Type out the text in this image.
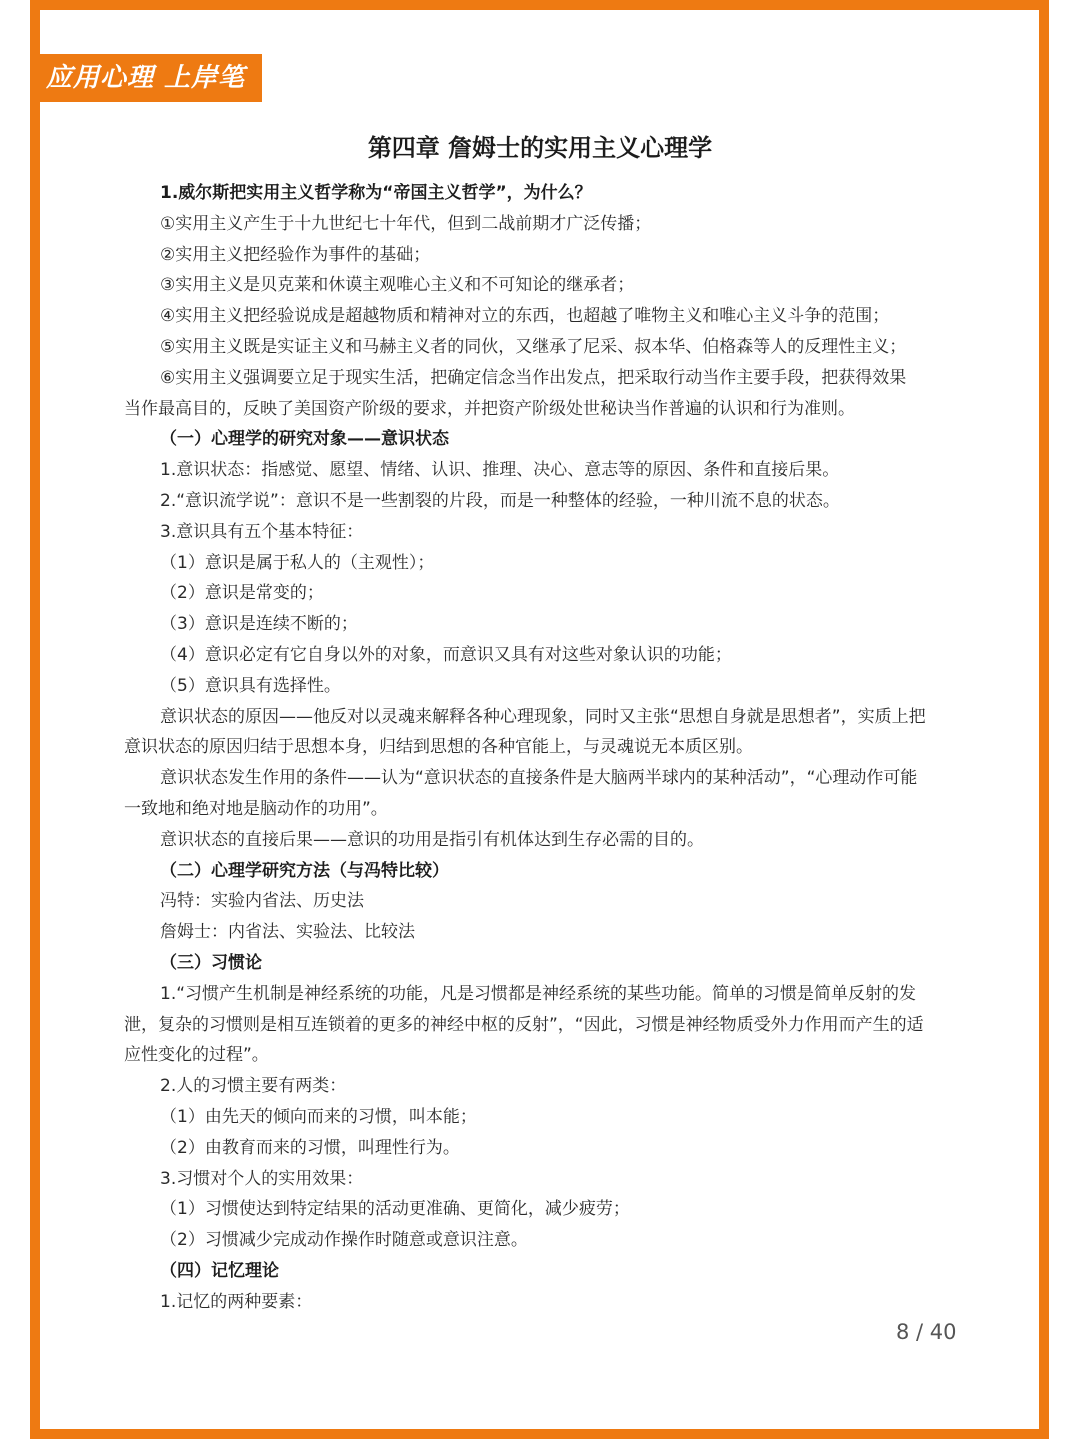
应用心理 上岸笔记
第四章 詹姆士的实用主义心理学
1.威尔斯把实用主义哲学称为“帝国主义哲学”，为什么？
①实用主义产生于十九世纪七十年代，但到二战前期才广泛传播；
②实用主义把经验作为事件的基础；
③实用主义是贝克莱和休谟主观唯心主义和不可知论的继承者；
④实用主义把经验说成是超越物质和精神对立的东西，也超越了唯物主义和唯心主义斗争的范围；
⑤实用主义既是实证主义和马赫主义者的同伙，又继承了尼采、叔本华、伯格森等人的反理性主义；
⑥实用主义强调要立足于现实生活，把确定信念当作出发点，把采取行动当作主要手段，把获得效果
当作最高目的，反映了美国资产阶级的要求，并把资产阶级处世秘诀当作普遍的认识和行为准则。
（一）心理学的研究对象——意识状态
1.意识状态：指感觉、愿望、情绪、认识、推理、决心、意志等的原因、条件和直接后果。
2.“意识流学说”：意识不是一些割裂的片段，而是一种整体的经验，一种川流不息的状态。
3.意识具有五个基本特征：
（1）意识是属于私人的（主观性）；
（2）意识是常变的；
（3）意识是连续不断的；
（4）意识必定有它自身以外的对象，而意识又具有对这些对象认识的功能；
（5）意识具有选择性。
意识状态的原因——他反对以灵魂来解释各种心理现象，同时又主张“思想自身就是思想者”，实质上把
意识状态的原因归结于思想本身，归结到思想的各种官能上，与灵魂说无本质区别。
意识状态发生作用的条件——认为“意识状态的直接条件是大脑两半球内的某种活动”，“心理动作可能
一致地和绝对地是脑动作的功用”。
意识状态的直接后果——意识的功用是指引有机体达到生存必需的目的。
（二）心理学研究方法（与冯特比较）
冯特：实验内省法、历史法
詹姆士：内省法、实验法、比较法
（三）习惯论
1.“习惯产生机制是神经系统的功能，凡是习惯都是神经系统的某些功能。简单的习惯是简单反射的发
泄，复杂的习惯则是相互连锁着的更多的神经中枢的反射”，“因此，习惯是神经物质受外力作用而产生的适
应性变化的过程”。
2.人的习惯主要有两类：
（1）由先天的倾向而来的习惯，叫本能；
（2）由教育而来的习惯，叫理性行为。
3.习惯对个人的实用效果：
（1）习惯使达到特定结果的活动更准确、更简化，减少疲劳；
（2）习惯减少完成动作操作时随意或意识注意。
（四）记忆理论
1.记忆的两种要素：
8 / 40
